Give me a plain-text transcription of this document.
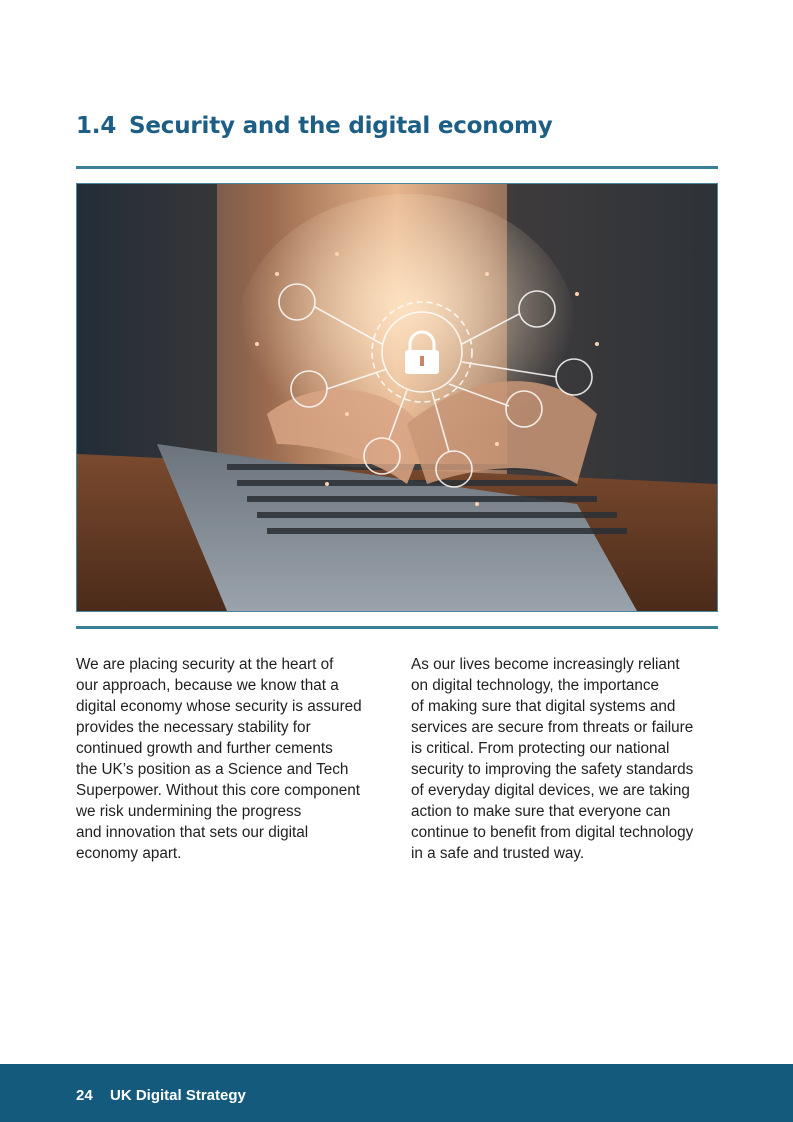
1.4 Security and the digital economy

We are placing security at the heart of
our approach, because we know that a
digital economy whose security is assured
provides the necessary stability for
continued growth and further cements
the UK’s position as a Science and Tech
Superpower. Without this core component
we risk undermining the progress
and innovation that sets our digital
economy apart.

As our lives become increasingly reliant
on digital technology, the importance
of making sure that digital systems and
services are secure from threats or failure
is critical. From protecting our national
security to improving the safety standards
of everyday digital devices, we are taking
action to make sure that everyone can
continue to benefit from digital technology
in a safe and trusted way.

24 UK Digital Strategy
